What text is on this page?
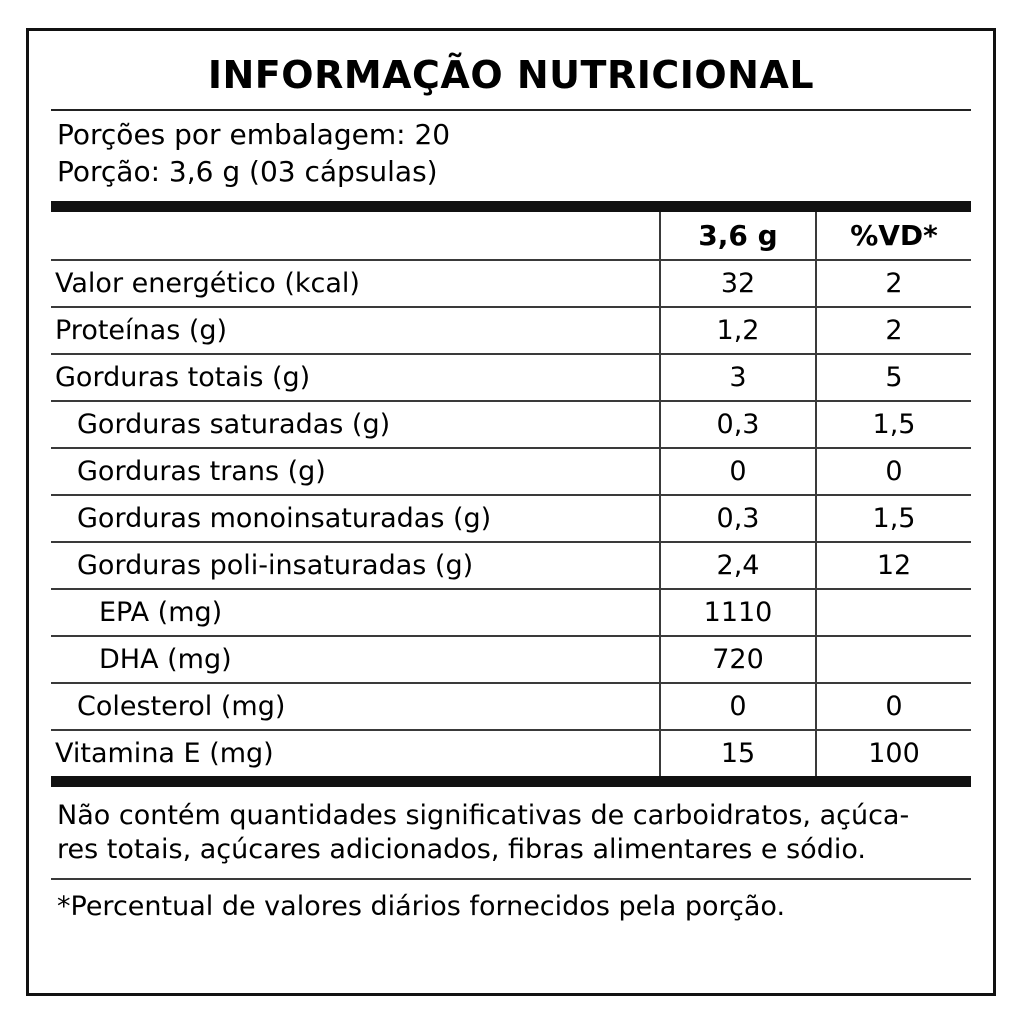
INFORMAÇÃO NUTRICIONAL
Porções por embalagem: 20
Porção: 3,6 g (03 cápsulas)
	3,6 g	%VD*
Valor energético (kcal)	32	2
Proteínas (g)	1,2	2
Gorduras totais (g)	3	5
Gorduras saturadas (g)	0,3	1,5
Gorduras trans (g)	0	0
Gorduras monoinsaturadas (g)	0,3	1,5
Gorduras poli-insaturadas (g)	2,4	12
EPA (mg)	1110	
DHA (mg)	720	
Colesterol (mg)	0	0
Vitamina E (mg)	15	100
Não contém quantidades significativas de carboidratos, açúca-
res totais, açúcares adicionados, fibras alimentares e sódio.
*Percentual de valores diários fornecidos pela porção.
